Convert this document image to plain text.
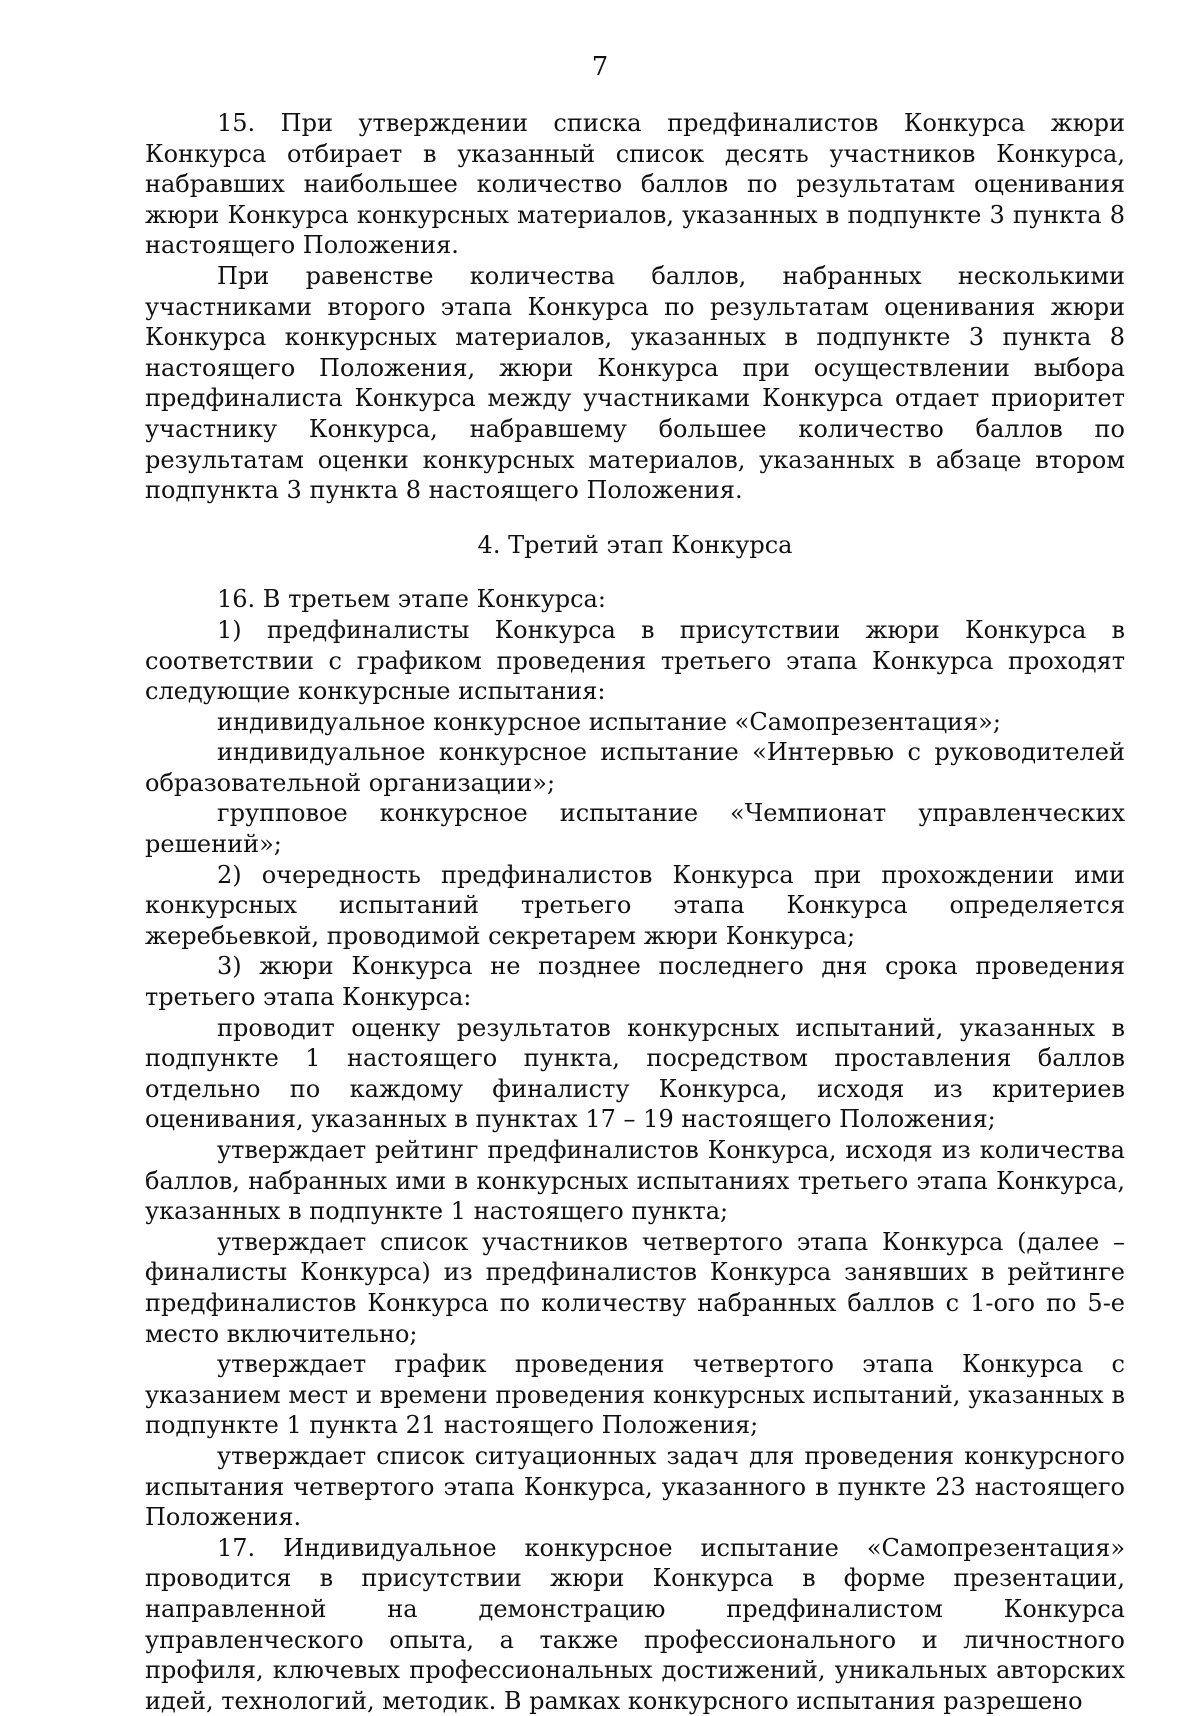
7

15. При утверждении списка предфиналистов Конкурса жюри Конкурса отбирает в указанный список десять участников Конкурса, набравших наибольшее количество баллов по результатам оценивания жюри Конкурса конкурсных материалов, указанных в подпункте 3 пункта 8 настоящего Положения.

При равенстве количества баллов, набранных несколькими участниками второго этапа Конкурса по результатам оценивания жюри Конкурса конкурсных материалов, указанных в подпункте 3 пункта 8 настоящего Положения, жюри Конкурса при осуществлении выбора предфиналиста Конкурса между участниками Конкурса отдает приоритет участнику Конкурса, набравшему большее количество баллов по результатам оценки конкурсных материалов, указанных в абзаце втором подпункта 3 пункта 8 настоящего Положения.

4. Третий этап Конкурса

16. В третьем этапе Конкурса:

1) предфиналисты Конкурса в присутствии жюри Конкурса в соответствии с графиком проведения третьего этапа Конкурса проходят следующие конкурсные испытания:

индивидуальное конкурсное испытание «Самопрезентация»;

индивидуальное конкурсное испытание «Интервью с руководителей образовательной организации»;

групповое конкурсное испытание «Чемпионат управленческих решений»;

2) очередность предфиналистов Конкурса при прохождении ими конкурсных испытаний третьего этапа Конкурса определяется жеребьевкой, проводимой секретарем жюри Конкурса;

3) жюри Конкурса не позднее последнего дня срока проведения третьего этапа Конкурса:

проводит оценку результатов конкурсных испытаний, указанных в подпункте 1 настоящего пункта, посредством проставления баллов отдельно по каждому финалисту Конкурса, исходя из критериев оценивания, указанных в пунктах 17 – 19 настоящего Положения;

утверждает рейтинг предфиналистов Конкурса, исходя из количества баллов, набранных ими в конкурсных испытаниях третьего этапа Конкурса, указанных в подпункте 1 настоящего пункта;

утверждает список участников четвертого этапа Конкурса (далее – финалисты Конкурса) из предфиналистов Конкурса занявших в рейтинге предфиналистов Конкурса по количеству набранных баллов с 1-ого по 5-е место включительно;

утверждает график проведения четвертого этапа Конкурса с указанием мест и времени проведения конкурсных испытаний, указанных в подпункте 1 пункта 21 настоящего Положения;

утверждает список ситуационных задач для проведения конкурсного испытания четвертого этапа Конкурса, указанного в пункте 23 настоящего Положения.

17. Индивидуальное конкурсное испытание «Самопрезентация» проводится в присутствии жюри Конкурса в форме презентации, направленной на демонстрацию предфиналистом Конкурса управленческого опыта, а также профессионального и личностного профиля, ключевых профессиональных достижений, уникальных авторских идей, технологий, методик. В рамках конкурсного испытания разрешено
